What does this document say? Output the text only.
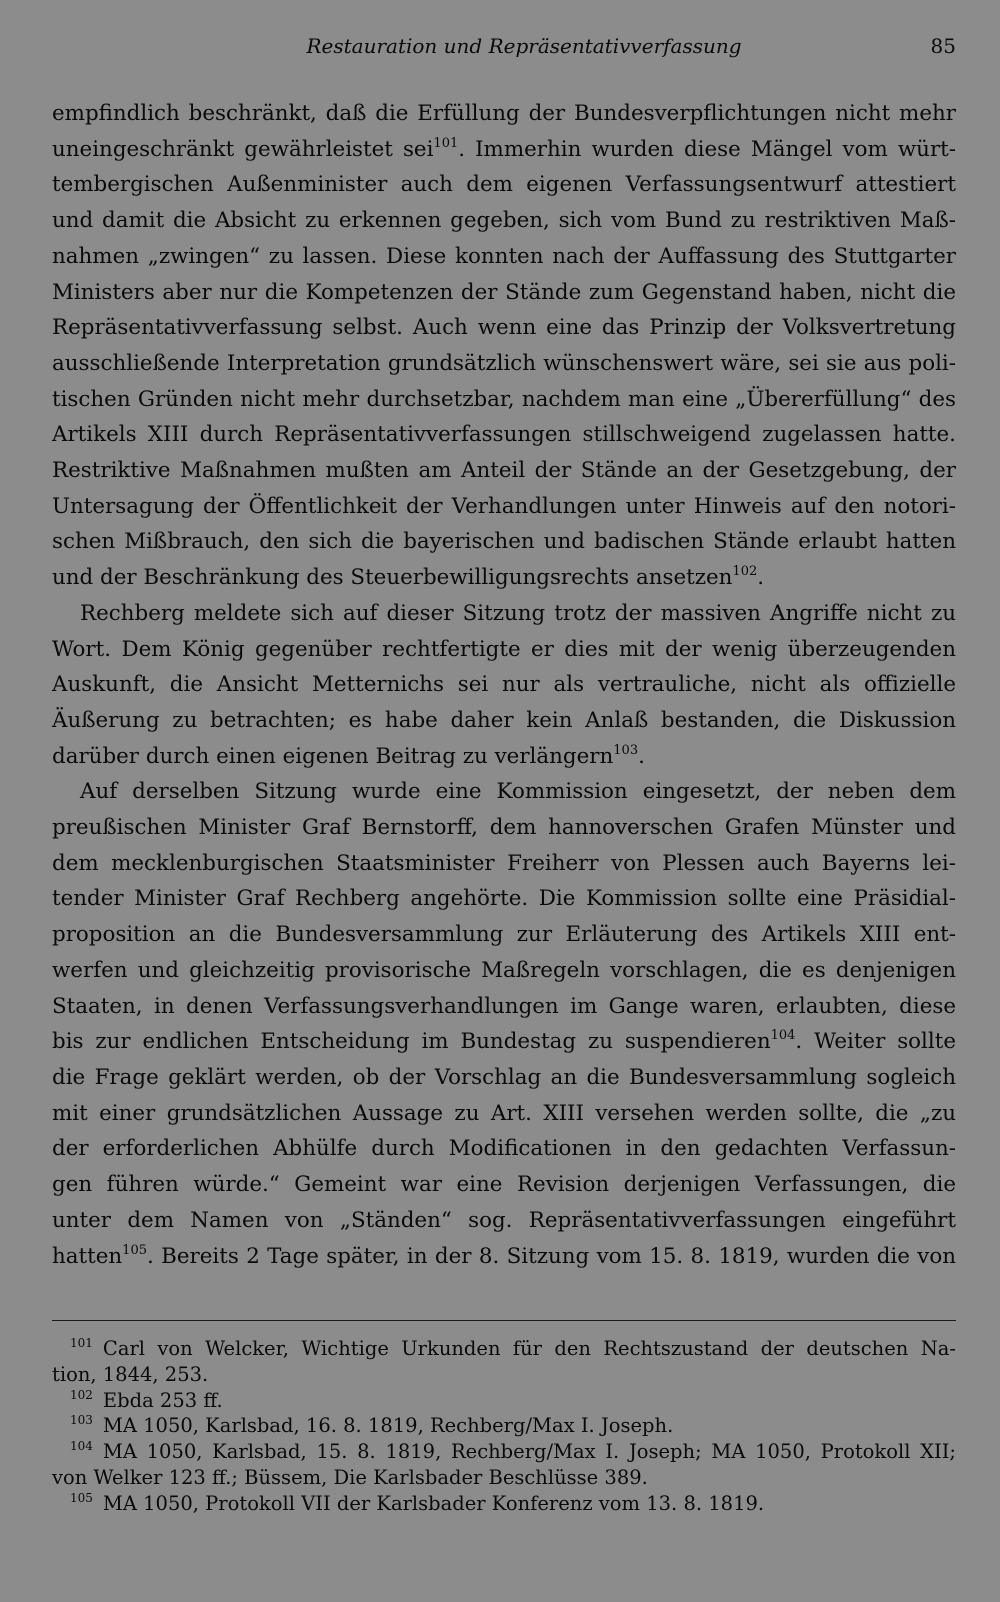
Restauration und Repräsentativverfassung	85
empfindlich beschränkt, daß die Erfüllung der Bundesverpflichtungen nicht mehr
uneingeschränkt gewährleistet sei$^{101}$. Immerhin wurden diese Mängel vom würt-
tembergischen Außenminister auch dem eigenen Verfassungsentwurf attestiert
und damit die Absicht zu erkennen gegeben, sich vom Bund zu restriktiven Maß-
nahmen „zwingen“ zu lassen. Diese konnten nach der Auffassung des Stuttgarter
Ministers aber nur die Kompetenzen der Stände zum Gegenstand haben, nicht die
Repräsentativverfassung selbst. Auch wenn eine das Prinzip der Volksvertretung
ausschließende Interpretation grundsätzlich wünschenswert wäre, sei sie aus poli-
tischen Gründen nicht mehr durchsetzbar, nachdem man eine „Übererfüllung“ des
Artikels XIII durch Repräsentativverfassungen stillschweigend zugelassen hatte.
Restriktive Maßnahmen mußten am Anteil der Stände an der Gesetzgebung, der
Untersagung der Öffentlichkeit der Verhandlungen unter Hinweis auf den notori-
schen Mißbrauch, den sich die bayerischen und badischen Stände erlaubt hatten
und der Beschränkung des Steuerbewilligungsrechts ansetzen$^{102}$.
Rechberg meldete sich auf dieser Sitzung trotz der massiven Angriffe nicht zu
Wort. Dem König gegenüber rechtfertigte er dies mit der wenig überzeugenden
Auskunft, die Ansicht Metternichs sei nur als vertrauliche, nicht als offizielle
Äußerung zu betrachten; es habe daher kein Anlaß bestanden, die Diskussion
darüber durch einen eigenen Beitrag zu verlängern$^{103}$.
Auf derselben Sitzung wurde eine Kommission eingesetzt, der neben dem
preußischen Minister Graf Bernstorff, dem hannoverschen Grafen Münster und
dem mecklenburgischen Staatsminister Freiherr von Plessen auch Bayerns lei-
tender Minister Graf Rechberg angehörte. Die Kommission sollte eine Präsidial-
proposition an die Bundesversammlung zur Erläuterung des Artikels XIII ent-
werfen und gleichzeitig provisorische Maßregeln vorschlagen, die es denjenigen
Staaten, in denen Verfassungsverhandlungen im Gange waren, erlaubten, diese
bis zur endlichen Entscheidung im Bundestag zu suspendieren$^{104}$. Weiter sollte
die Frage geklärt werden, ob der Vorschlag an die Bundesversammlung sogleich
mit einer grundsätzlichen Aussage zu Art. XIII versehen werden sollte, die „zu
der erforderlichen Abhülfe durch Modificationen in den gedachten Verfassun-
gen führen würde.“ Gemeint war eine Revision derjenigen Verfassungen, die
unter dem Namen von „Ständen“ sog. Repräsentativverfassungen eingeführt
hatten$^{105}$. Bereits 2 Tage später, in der 8. Sitzung vom 15. 8. 1819, wurden die von
$^{101}$ Carl von Welcker, Wichtige Urkunden für den Rechtszustand der deutschen Na-
tion, 1844, 253.
$^{102}$ Ebda 253 ff.
$^{103}$ MA 1050, Karlsbad, 16. 8. 1819, Rechberg/Max I. Joseph.
$^{104}$ MA 1050, Karlsbad, 15. 8. 1819, Rechberg/Max I. Joseph; MA 1050, Protokoll XII;
von Welker 123 ff.; Büssem, Die Karlsbader Beschlüsse 389.
$^{105}$ MA 1050, Protokoll VII der Karlsbader Konferenz vom 13. 8. 1819.
